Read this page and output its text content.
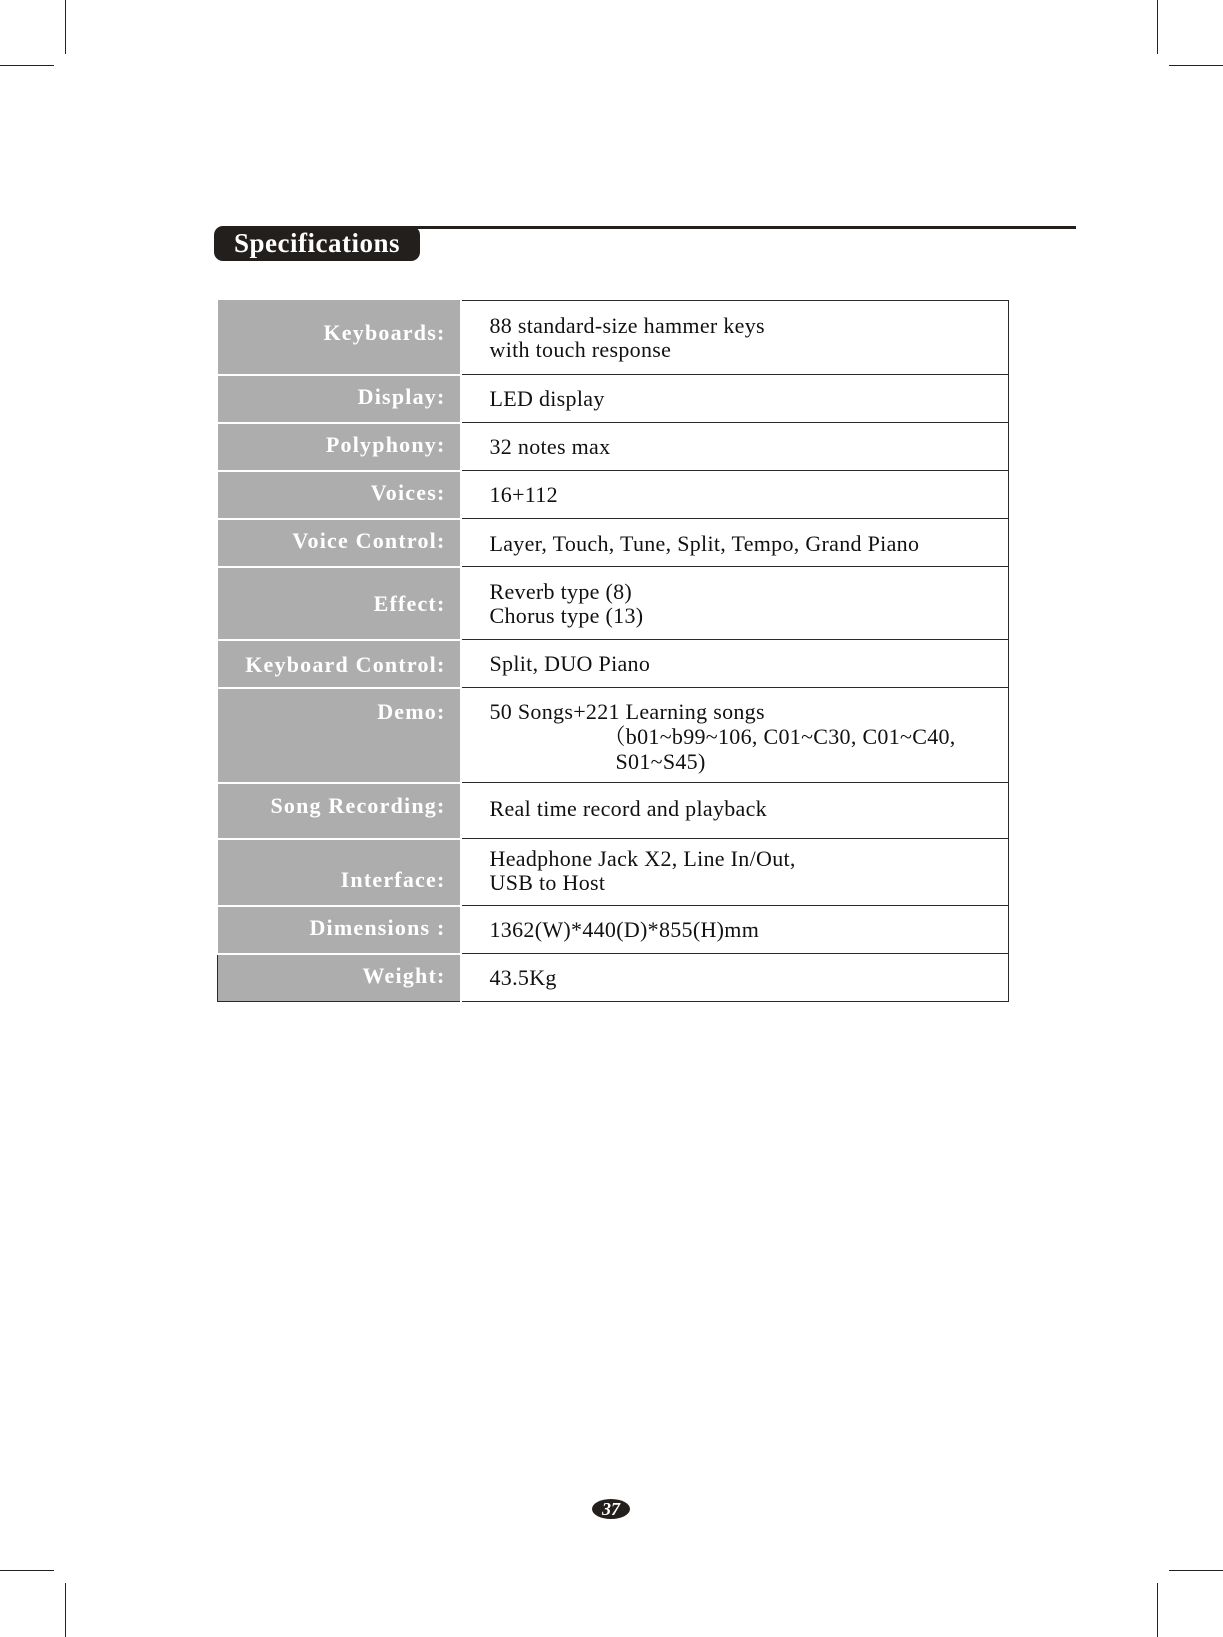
Specifications
Keyboards:	88 standard-size hammer keys
with touch response

Display:	LED display

Polyphony:	32 notes max

Voices:	16+112

Voice Control:	Layer, Touch, Tune, Split, Tempo, Grand Piano

Effect:	Reverb type (8)
Chorus type (13)

Keyboard Control:	Split, DUO Piano

Demo:	50 Songs+221 Learning songs
（b01~b99~106, C01~C30, C01~C40,
S01~S45)

Song Recording:	Real time record and playback

Interface:	Headphone Jack X2, Line In/Out,
USB to Host

Dimensions :	1362(W)*440(D)*855(H)mm

Weight:	43.5Kg
37
